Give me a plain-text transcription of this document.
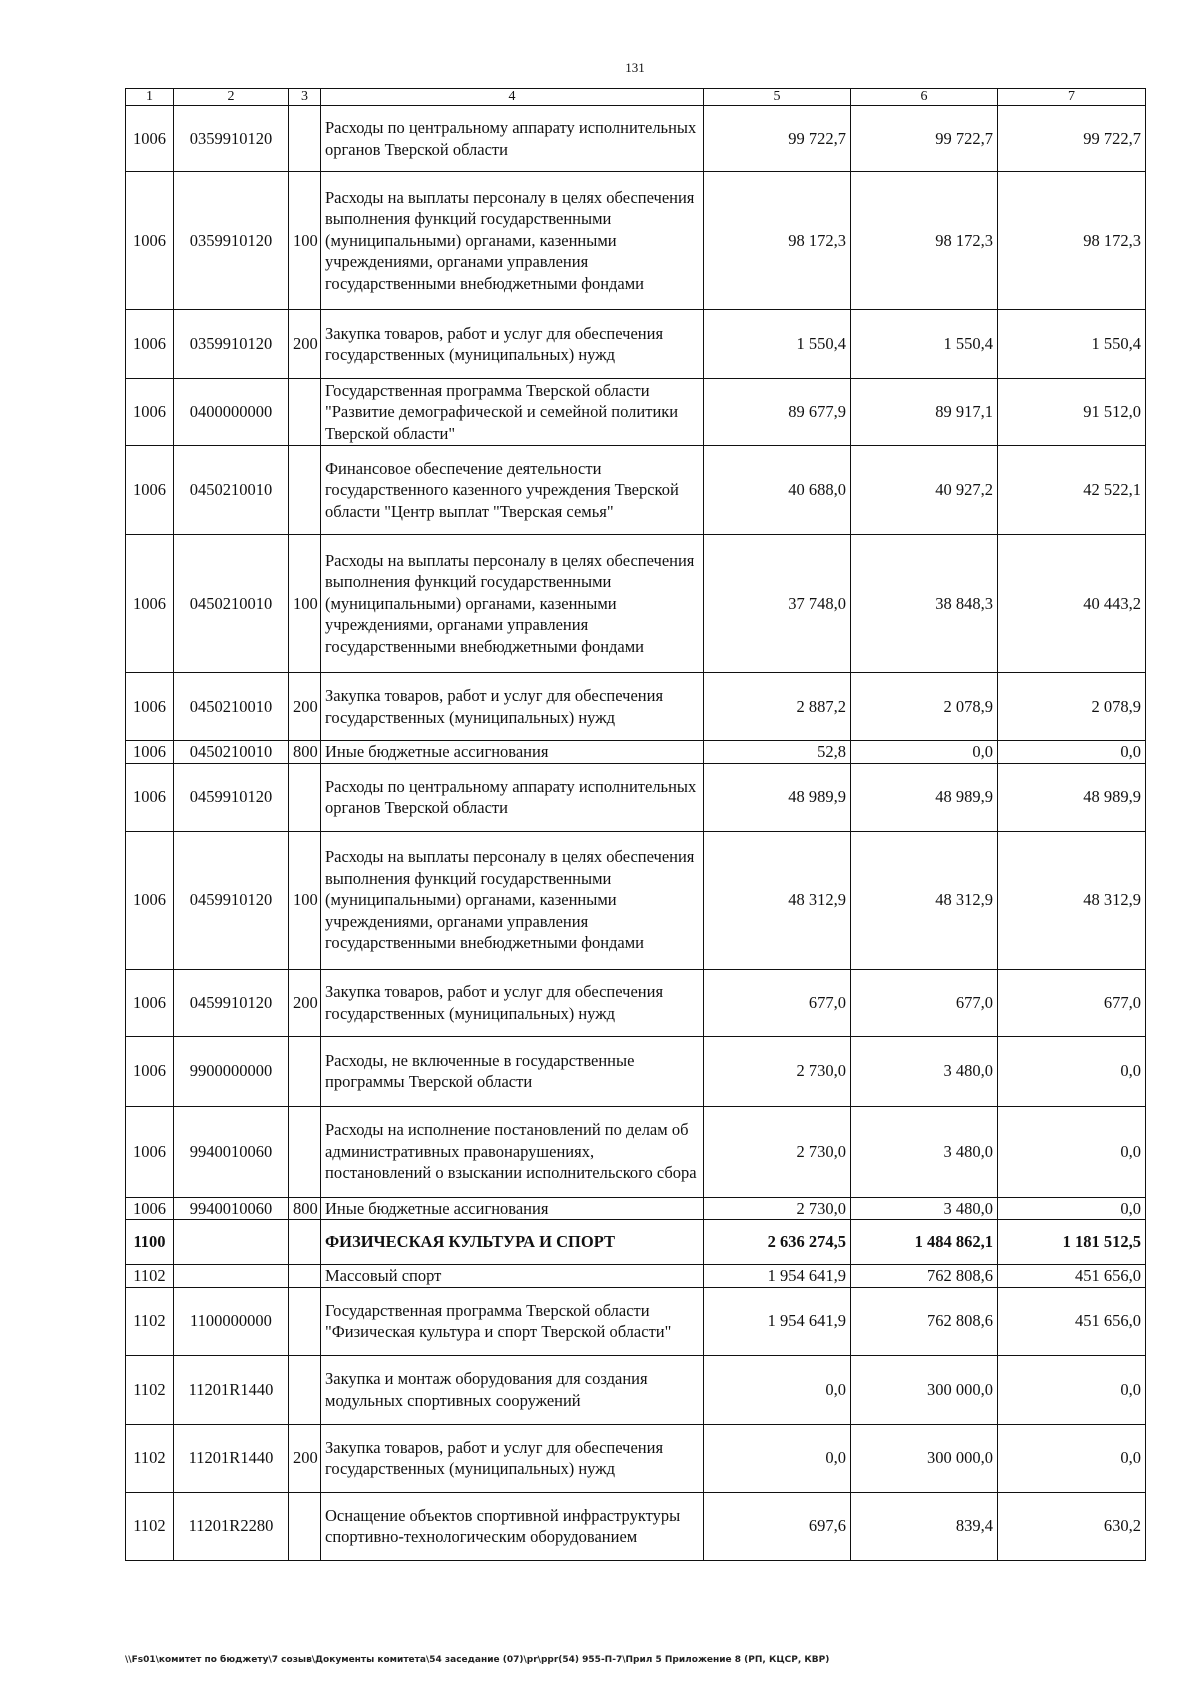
131
1	2	3	4	5	6	7
1006	0359910120		Расходы по центральному аппарату исполнительных органов Тверской области	99 722,7	99 722,7	99 722,7
1006	0359910120	100	Расходы на выплаты персоналу в целях обеспечения выполнения функций государственными (муниципальными) органами, казенными учреждениями, органами управления государственными внебюджетными фондами	98 172,3	98 172,3	98 172,3
1006	0359910120	200	Закупка товаров, работ и услуг для обеспечения государственных (муниципальных) нужд	1 550,4	1 550,4	1 550,4
1006	0400000000		Государственная программа Тверской области "Развитие демографической и семейной политики Тверской области"	89 677,9	89 917,1	91 512,0
1006	0450210010		Финансовое обеспечение деятельности государственного казенного учреждения Тверской области "Центр выплат "Тверская семья"	40 688,0	40 927,2	42 522,1
1006	0450210010	100	Расходы на выплаты персоналу в целях обеспечения выполнения функций государственными (муниципальными) органами, казенными учреждениями, органами управления государственными внебюджетными фондами	37 748,0	38 848,3	40 443,2
1006	0450210010	200	Закупка товаров, работ и услуг для обеспечения государственных (муниципальных) нужд	2 887,2	2 078,9	2 078,9
1006	0450210010	800	Иные бюджетные ассигнования	52,8	0,0	0,0
1006	0459910120		Расходы по центральному аппарату исполнительных органов Тверской области	48 989,9	48 989,9	48 989,9
1006	0459910120	100	Расходы на выплаты персоналу в целях обеспечения выполнения функций государственными (муниципальными) органами, казенными учреждениями, органами управления государственными внебюджетными фондами	48 312,9	48 312,9	48 312,9
1006	0459910120	200	Закупка товаров, работ и услуг для обеспечения государственных (муниципальных) нужд	677,0	677,0	677,0
1006	9900000000		Расходы, не включенные в государственные программы Тверской области	2 730,0	3 480,0	0,0
1006	9940010060		Расходы на исполнение постановлений по делам об административных правонарушениях, постановлений о взыскании исполнительского сбора	2 730,0	3 480,0	0,0
1006	9940010060	800	Иные бюджетные ассигнования	2 730,0	3 480,0	0,0
1100			ФИЗИЧЕСКАЯ КУЛЬТУРА И СПОРТ	2 636 274,5	1 484 862,1	1 181 512,5
1102			Массовый спорт	1 954 641,9	762 808,6	451 656,0
1102	1100000000		Государственная программа Тверской области "Физическая культура и спорт Тверской области"	1 954 641,9	762 808,6	451 656,0
1102	11201R1440		Закупка и монтаж оборудования для создания модульных спортивных сооружений	0,0	300 000,0	0,0
1102	11201R1440	200	Закупка товаров, работ и услуг для обеспечения государственных (муниципальных) нужд	0,0	300 000,0	0,0
1102	11201R2280		Оснащение объектов спортивной инфраструктуры спортивно-технологическим оборудованием	697,6	839,4	630,2
\\Fs01\комитет по бюджету\7 созыв\Документы комитета\54 заседание (07)\pr\ppr(54) 955-П-7\Прил 5 Приложение 8 (РП, КЦСР, КВР)
